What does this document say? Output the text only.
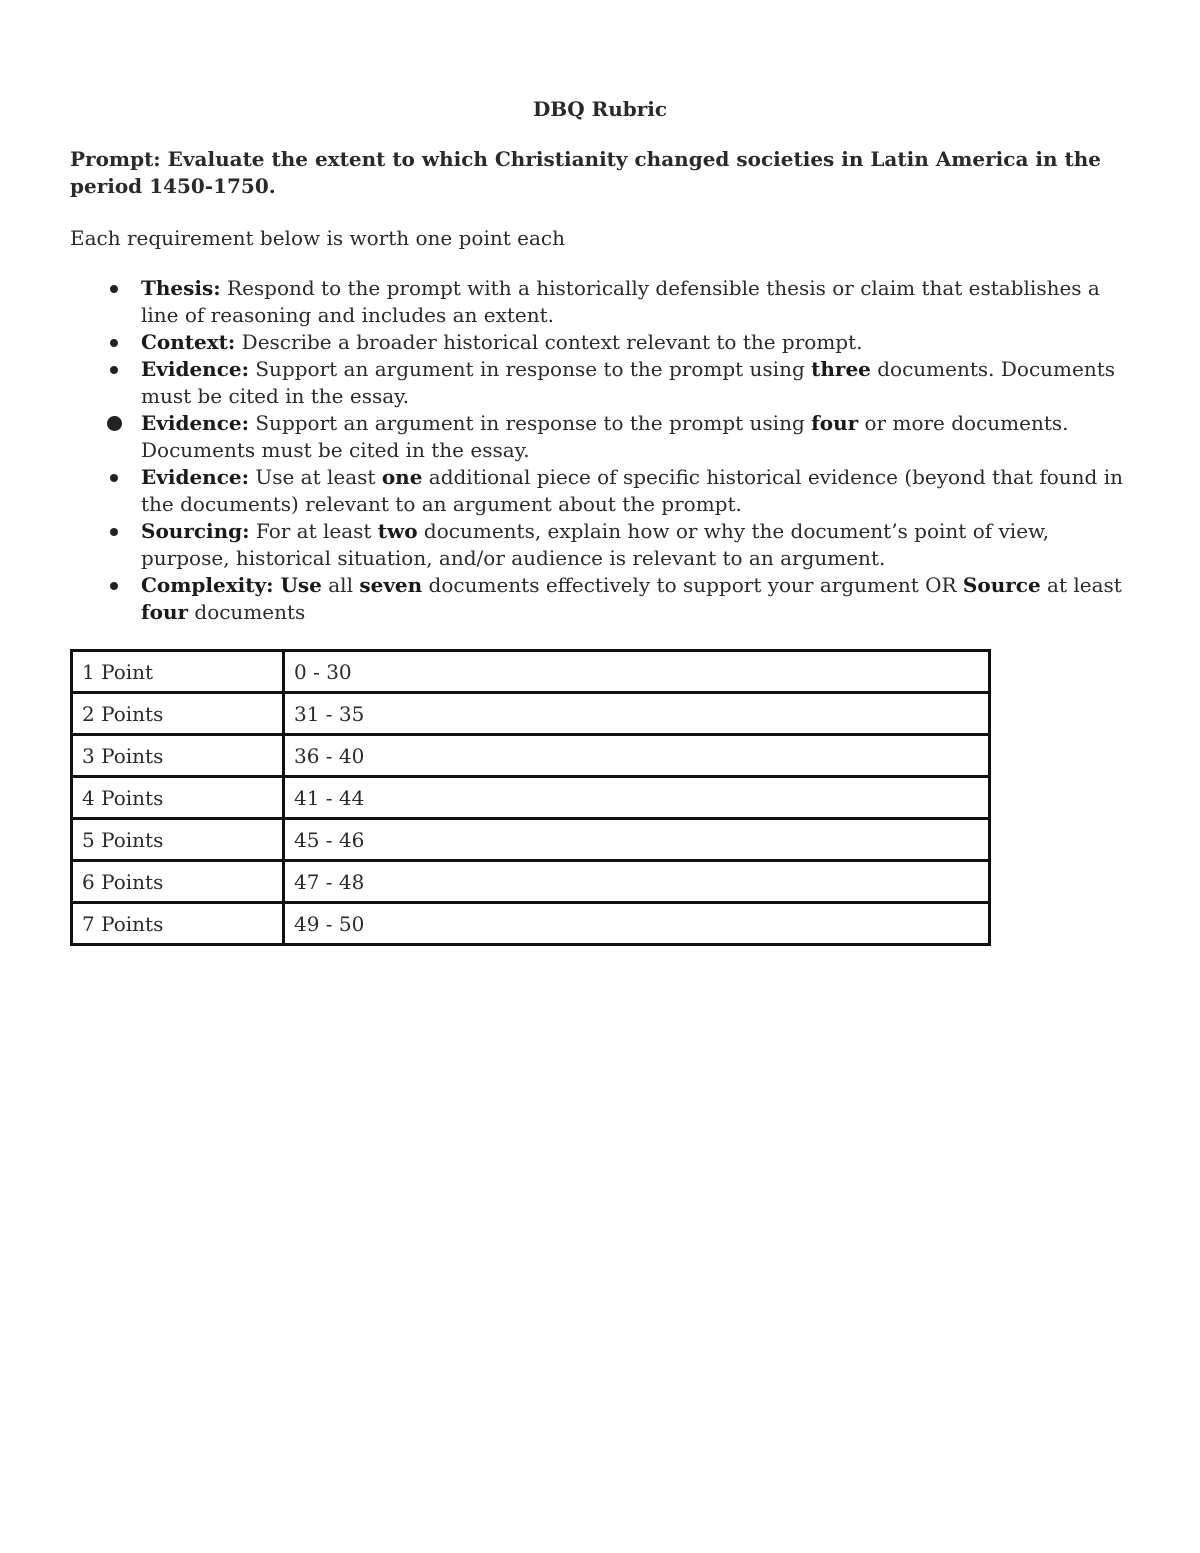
DBQ Rubric
Prompt: Evaluate the extent to which Christianity changed societies in Latin America in the period 1450-1750.
Each requirement below is worth one point each
Thesis: Respond to the prompt with a historically defensible thesis or claim that establishes a line of reasoning and includes an extent.
Context: Describe a broader historical context relevant to the prompt.
Evidence: Support an argument in response to the prompt using three documents. Documents must be cited in the essay.
Evidence: Support an argument in response to the prompt using four or more documents. Documents must be cited in the essay.
Evidence: Use at least one additional piece of specific historical evidence (beyond that found in the documents) relevant to an argument about the prompt.
Sourcing: For at least two documents, explain how or why the document’s point of view, purpose, historical situation, and/or audience is relevant to an argument.
Complexity: Use all seven documents effectively to support your argument OR Source at least four documents
1 Point	0 - 30
2 Points	31 - 35
3 Points	36 - 40
4 Points	41 - 44
5 Points	45 - 46
6 Points	47 - 48
7 Points	49 - 50
